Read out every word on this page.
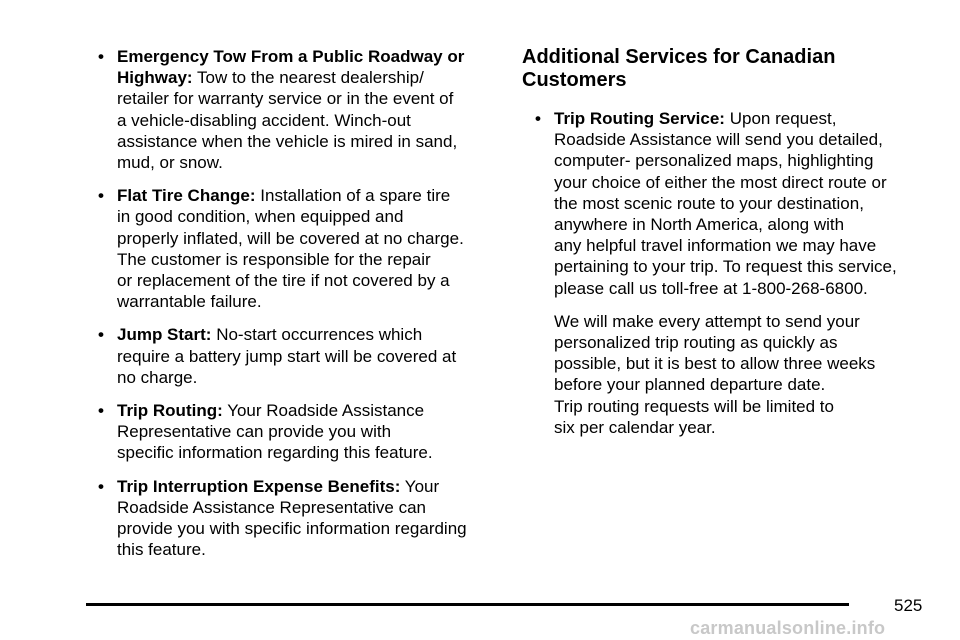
• Emergency Tow From a Public Roadway or
Highway: Tow to the nearest dealership/
retailer for warranty service or in the event of
a vehicle-disabling accident. Winch-out
assistance when the vehicle is mired in sand,
mud, or snow.
• Flat Tire Change: Installation of a spare tire
in good condition, when equipped and
properly inflated, will be covered at no charge.
The customer is responsible for the repair
or replacement of the tire if not covered by a
warrantable failure.
• Jump Start: No-start occurrences which
require a battery jump start will be covered at
no charge.
• Trip Routing: Your Roadside Assistance
Representative can provide you with
specific information regarding this feature.
• Trip Interruption Expense Benefits: Your
Roadside Assistance Representative can
provide you with specific information regarding
this feature.
Additional Services for Canadian
Customers
• Trip Routing Service: Upon request,
Roadside Assistance will send you detailed,
computer- personalized maps, highlighting
your choice of either the most direct route or
the most scenic route to your destination,
anywhere in North America, along with
any helpful travel information we may have
pertaining to your trip. To request this service,
please call us toll-free at 1-800-268-6800.
We will make every attempt to send your
personalized trip routing as quickly as
possible, but it is best to allow three weeks
before your planned departure date.
Trip routing requests will be limited to
six per calendar year.
525
carmanualsonline.info
